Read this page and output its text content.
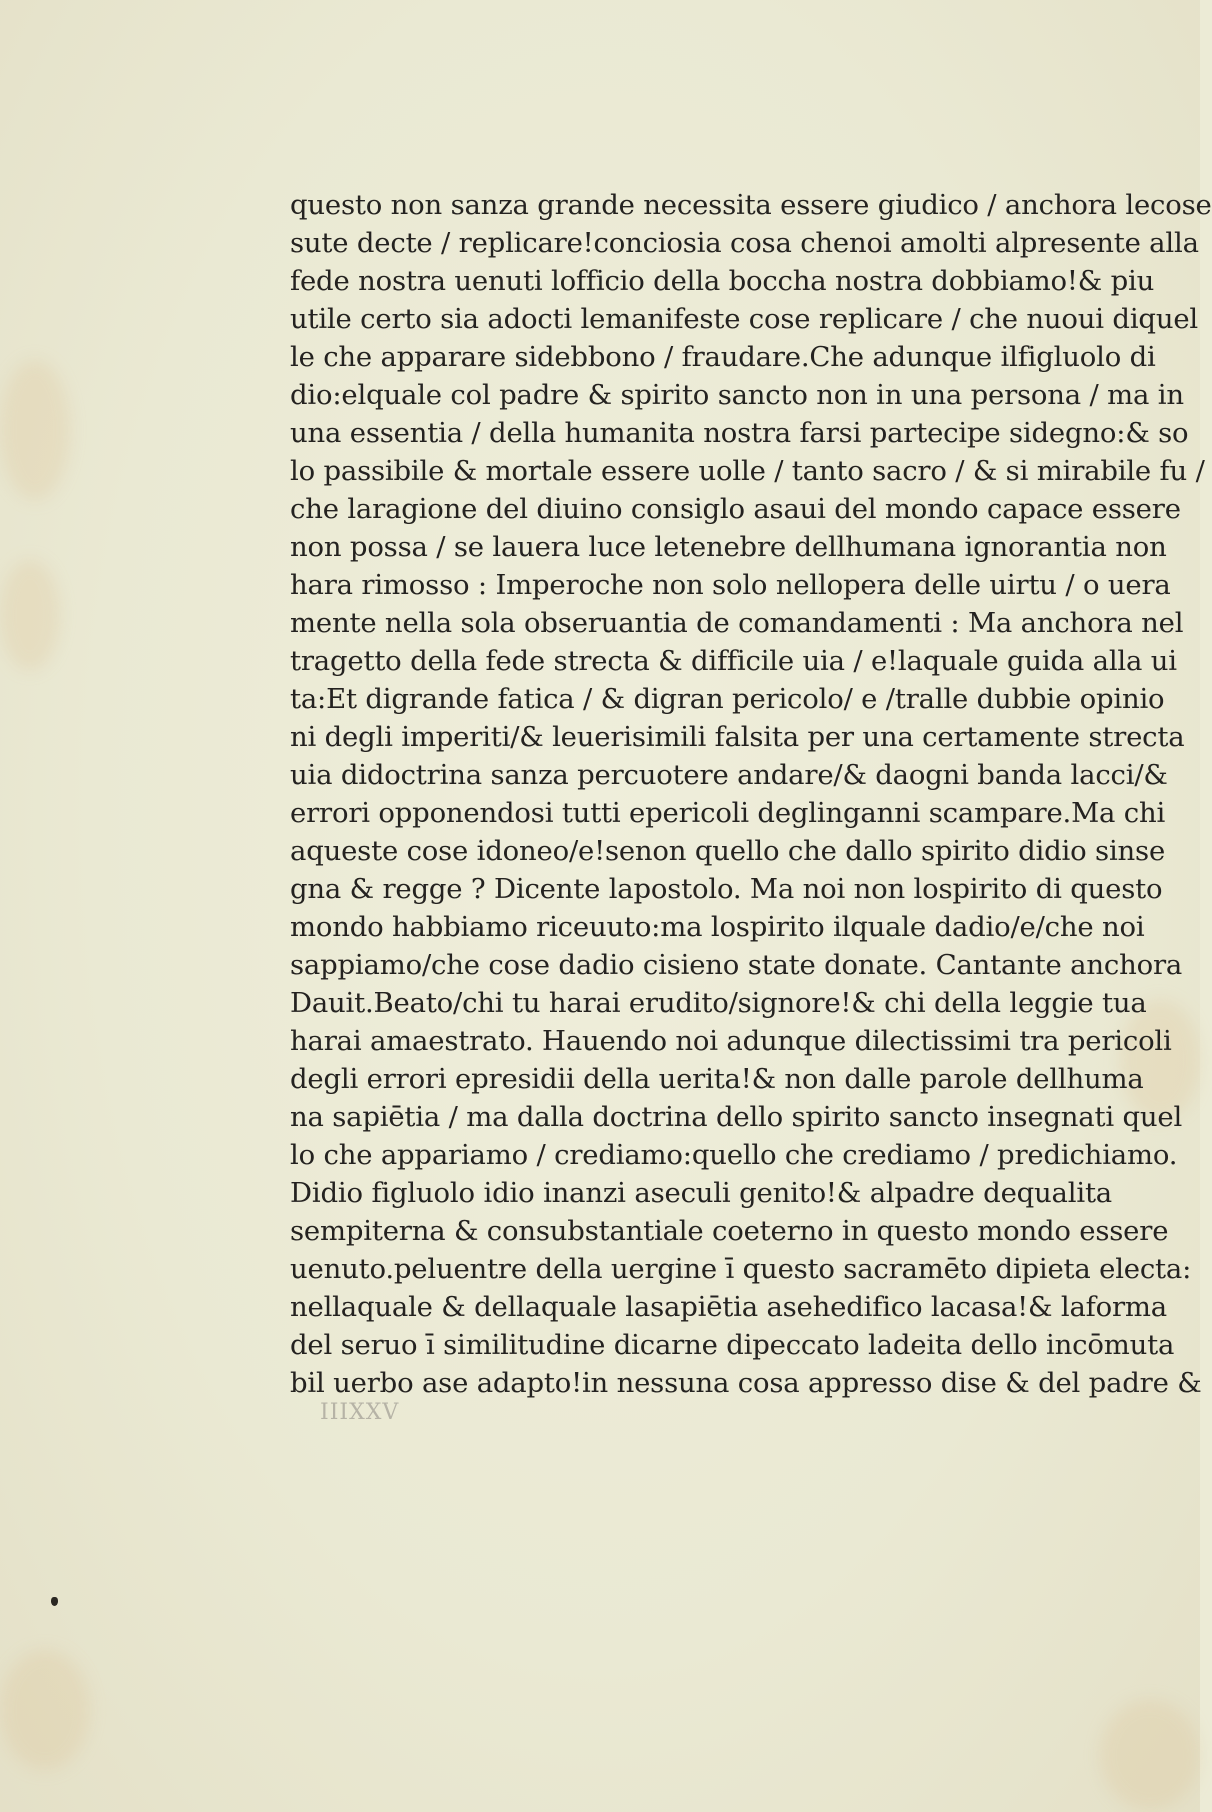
questo non sanza grande necessita essere giudico / anchora lecose
sute decte / replicare!conciosia cosa chenoi amolti alpresente alla
fede nostra uenuti lofficio della boccha nostra dobbiamo!& piu
utile certo sia adocti lemanifeste cose replicare / che nuoui diquel
le che apparare sidebbono / fraudare.Che adunque ilfigluolo di
dio:elquale col padre & spirito sancto non in una persona / ma in
una essentia / della humanita nostra farsi partecipe sidegno:& so
lo passibile & mortale essere uolle / tanto sacro / & si mirabile fu /
che laragione del diuino consiglo asaui del mondo capace essere
non possa / se lauera luce letenebre dellhumana ignorantia non
hara rimosso : Imperoche non solo nellopera delle uirtu / o uera
mente nella sola obseruantia de comandamenti : Ma anchora nel
tragetto della fede strecta & difficile uia / e!laquale guida alla ui
ta:Et digrande fatica / & digran pericolo/ e /tralle dubbie opinio
ni degli imperiti/& leuerisimili falsita per una certamente strecta
uia didoctrina sanza percuotere andare/& daogni banda lacci/&
errori opponendosi tutti epericoli deglinganni scampare.Ma chi
aqueste cose idoneo/e!senon quello che dallo spirito didio sinse
gna & regge ? Dicente lapostolo. Ma noi non lospirito di questo
mondo habbiamo riceuuto:ma lospirito ilquale dadio/e/che noi
sappiamo/che cose dadio cisieno state donate. Cantante anchora
Dauit.Beato/chi tu harai erudito/signore!& chi della leggie tua
harai amaestrato. Hauendo noi adunque dilectissimi tra pericoli
degli errori epresidii della uerita!& non dalle parole dellhuma
na sapiētia / ma dalla doctrina dello spirito sancto insegnati quel
lo che appariamo / crediamo:quello che crediamo / predichiamo.
Didio figluolo idio inanzi aseculi genito!& alpadre dequalita
sempiterna & consubstantiale coeterno in questo mondo essere
uenuto.peluentre della uergine ī questo sacramēto dipieta electa:
nellaquale & dellaquale lasapiētia asehedifico lacasa!& laforma
del seruo ī similitudine dicarne dipeccato ladeita dello incōmuta
bil uerbo ase adapto!in nessuna cosa appresso dise & del padre &
IIIXXV
